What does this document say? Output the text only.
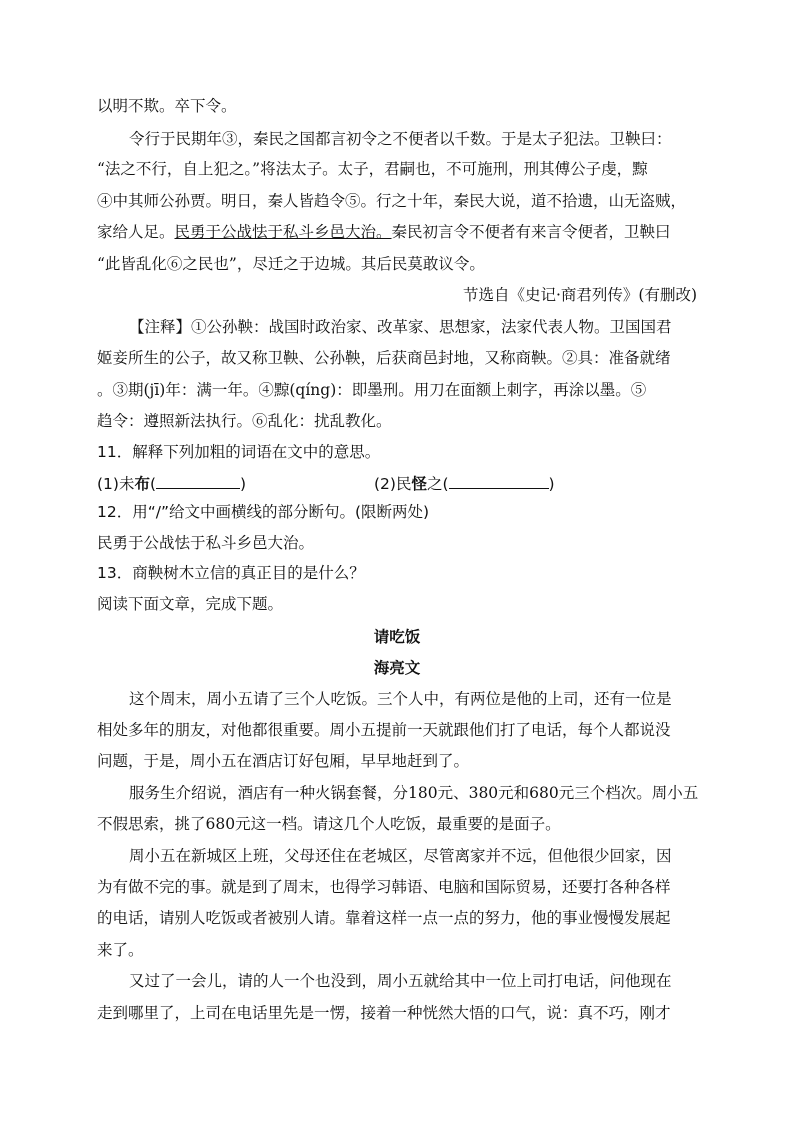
以明不欺。卒下令。
令行于民期年③，秦民之国都言初令之不便者以千数。于是太子犯法。卫鞅曰：
“法之不行，自上犯之。”将法太子。太子，君嗣也，不可施刑，刑其傅公子虔，黥
④中其师公孙贾。明日，秦人皆趋令⑤。行之十年，秦民大说，道不拾遗，山无盗贼，
家给人足。民勇于公战怯于私斗乡邑大治。秦民初言令不便者有来言令便者，卫鞅曰
“此皆乱化⑥之民也”，尽迁之于边城。其后民莫敢议令。
节选自《史记·商君列传》(有删改)
【注释】①公孙鞅：战国时政治家、改革家、思想家，法家代表人物。卫国国君
姬妾所生的公子，故又称卫鞅、公孙鞅，后获商邑封地，又称商鞅。②具：准备就绪
。③期(jī)年：满一年。④黥(qíng)：即墨刑。用刀在面额上刺字，再涂以墨。⑤
趋令：遵照新法执行。⑥乱化：扰乱教化。
11．解释下列加粗的词语在文中的意思。
(1)未布(	)	(2)民怪之(	)
12．用“/”给文中画横线的部分断句。(限断两处)
民勇于公战怯于私斗乡邑大治。
13．商鞅树木立信的真正目的是什么？
阅读下面文章，完成下题。
请吃饭
海亮文
这个周末，周小五请了三个人吃饭。三个人中，有两位是他的上司，还有一位是
相处多年的朋友，对他都很重要。周小五提前一天就跟他们打了电话，每个人都说没
问题，于是，周小五在酒店订好包厢，早早地赶到了。
服务生介绍说，酒店有一种火锅套餐，分180元、380元和680元三个档次。周小五
不假思索，挑了680元这一档。请这几个人吃饭，最重要的是面子。
周小五在新城区上班，父母还住在老城区，尽管离家并不远，但他很少回家，因
为有做不完的事。就是到了周末，也得学习韩语、电脑和国际贸易，还要打各种各样
的电话，请别人吃饭或者被别人请。靠着这样一点一点的努力，他的事业慢慢发展起
来了。
又过了一会儿，请的人一个也没到，周小五就给其中一位上司打电话，问他现在
走到哪里了，上司在电话里先是一愣，接着一种恍然大悟的口气，说：真不巧，刚才
